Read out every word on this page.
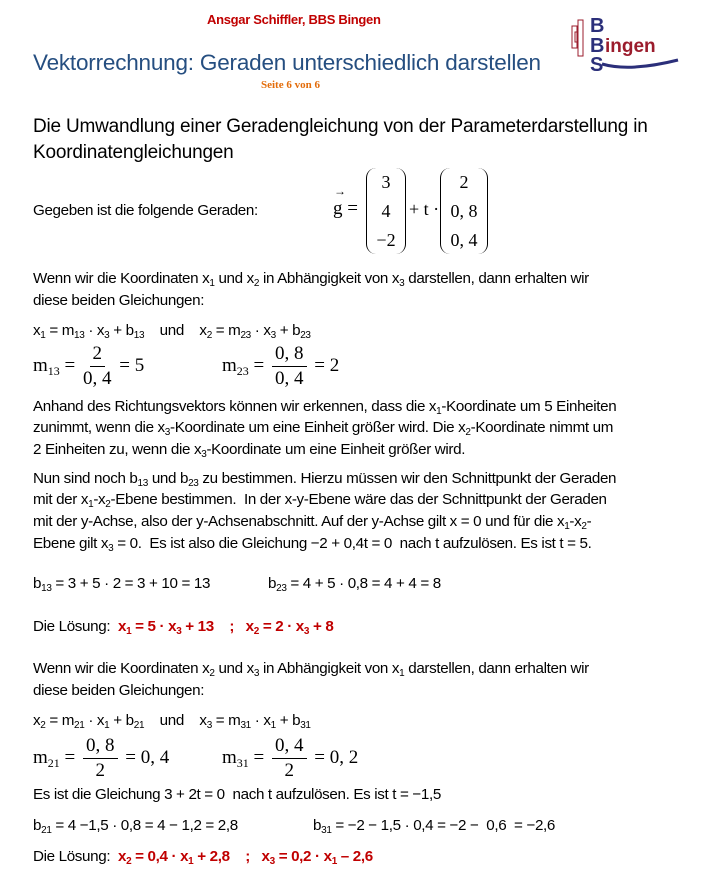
Ansgar Schiffler, BBS Bingen
Vektorrechnung: Geraden unterschiedlich darstellen
Seite 6 von 6
B
B ingen
S
Die Umwandlung einer Geradengleichung von der Parameterdarstellung in
Koordinatengleichungen
Gegeben ist die folgende Geraden:
→
g =
3
4
−2
+ t ·
2
0, 8
0, 4
Wenn wir die Koordinaten $x_1$ und $x_2$ in Abhängigkeit von $x_3$ darstellen, dann erhalten wir
diese beiden Gleichungen:
$x_1 = m_{13} \cdot x_3 + b_{13}$    und    $x_2 = m_{23} \cdot x_3 + b_{23}$
$m_{13} = \frac{2}{0, 4} = 5$	$m_{23} = \frac{0, 8}{0, 4} = 2$
Anhand des Richtungsvektors können wir erkennen, dass die $x_1$-Koordinate um 5 Einheiten
zunimmt, wenn die $x_3$-Koordinate um eine Einheit größer wird. Die $x_2$-Koordinate nimmt um
2 Einheiten zu, wenn die $x_3$-Koordinate um eine Einheit größer wird.
Nun sind noch $b_{13}$ und $b_{23}$ zu bestimmen. Hierzu müssen wir den Schnittpunkt der Geraden
mit der $x_1-x_2$-Ebene bestimmen.  In der x-y-Ebene wäre das der Schnittpunkt der Geraden
mit der y-Achse, also der y-Achsenabschnitt. Auf der y-Achse gilt x = 0 und für die $x_1-x_2-$
Ebene gilt $x_3 = 0$.  Es ist also die Gleichung −2 + 0,4t = 0  nach t aufzulösen. Es ist t = 5.
$b_{13} = 3 + 5 \cdot 2 = 3 + 10 = 13$	$b_{23} = 4 + 5 \cdot 0,8 = 4 + 4 = 8$
Die Lösung: $x_1 = 5 \cdot x_3 + 13$    ;   $x_2 = 2 \cdot x_3 + 8$
Wenn wir die Koordinaten $x_2$ und $x_3$ in Abhängigkeit von $x_1$ darstellen, dann erhalten wir
diese beiden Gleichungen:
$x_2 = m_{21} \cdot x_1 + b_{21}$    und    $x_3 = m_{31} \cdot x_1 + b_{31}$
$m_{21} = \frac{0, 8}{2} = 0$, 4	$m_{31} = \frac{0, 4}{2} = 0$, 2
Es ist die Gleichung 3 + 2t = 0  nach t aufzulösen. Es ist t = −1,5
$b_{21} = 4 -1,5 \cdot 0,8 = 4 - 1,2 = 2,8$	$b_{31} = -2 - 1,5 \cdot 0,4 = -2 - 0,6 = -2,6$
Die Lösung: $x_2 = 0,4 \cdot x_1 + 2,8$    ;   $x_3 = 0,2 \cdot x_1 - 2,6$
